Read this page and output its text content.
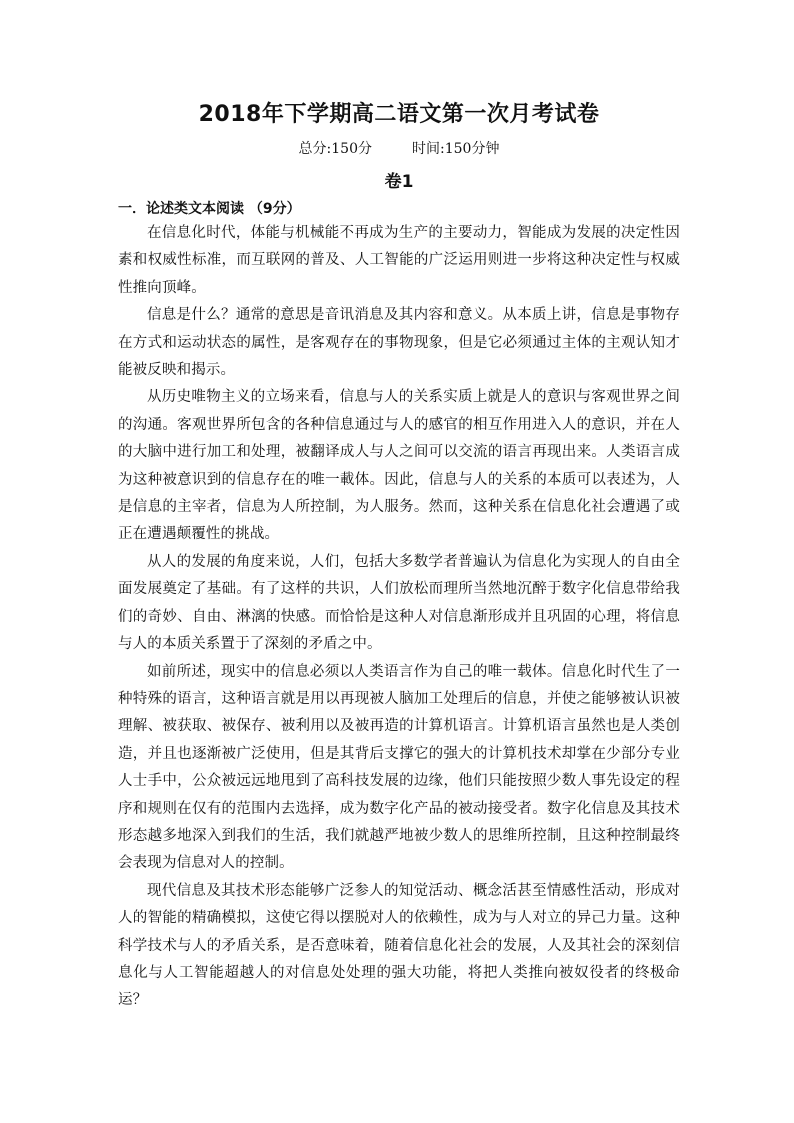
2018年下学期高二语文第一次月考试卷
总分:150分	时间:150分钟
卷1
一．论述类文本阅读 （9分）

在信息化时代，体能与机械能不再成为生产的主要动力，智能成为发展的决定性因素和权威性标准，而互联网的普及、人工智能的广泛运用则进一步将这种决定性与权威性推向顶峰。

信息是什么？通常的意思是音讯消息及其内容和意义。从本质上讲，信息是事物存在方式和运动状态的属性，是客观存在的事物现象，但是它必须通过主体的主观认知才能被反映和揭示。

从历史唯物主义的立场来看，信息与人的关系实质上就是人的意识与客观世界之间的沟通。客观世界所包含的各种信息通过与人的感官的相互作用进入人的意识，并在人的大脑中进行加工和处理，被翻译成人与人之间可以交流的语言再现出来。人类语言成为这种被意识到的信息存在的唯一載体。因此，信息与人的关系的本质可以表述为，人是信息的主宰者，信息为人所控制，为人服务。然而，这种关系在信息化社会遭遇了或正在遭遇颠覆性的挑战。

从人的发展的角度来说，人们，包括大多数学者普遍认为信息化为实现人的自由全面发展奠定了基础。有了这样的共识，人们放松而理所当然地沉醉于数字化信息带给我们的奇妙、自由、淋漓的快感。而恰恰是这种人对信息渐形成并且巩固的心理，将信息与人的本质关系置于了深刻的矛盾之中。

如前所述，现实中的信息必须以人类语言作为自己的唯一载体。信息化时代生了一种特殊的语言，这种语言就是用以再现被人脑加工处理后的信息，并使之能够被认识被理解、被获取、被保存、被利用以及被再造的计算机语言。计算机语言虽然也是人类创造，并且也逐渐被广泛使用，但是其背后支撑它的强大的计算机技术却掌在少部分专业人士手中，公众被远远地甩到了高科技发展的边缘，他们只能按照少数人事先设定的程序和规则在仅有的范围内去选择，成为数字化产品的被动接受者。数字化信息及其技术形态越多地深入到我们的生活，我们就越严地被少数人的思维所控制，且这种控制最终会表现为信息对人的控制。

现代信息及其技术形态能够广泛参人的知觉活动、概念活甚至情感性活动，形成对人的智能的精确模拟，这使它得以摆脱对人的依赖性，成为与人对立的异己力量。这种科学技术与人的矛盾关系，是否意味着，随着信息化社会的发展，人及其社会的深刻信息化与人工智能超越人的对信息处处理的强大功能，将把人类推向被奴役者的终极命运？
